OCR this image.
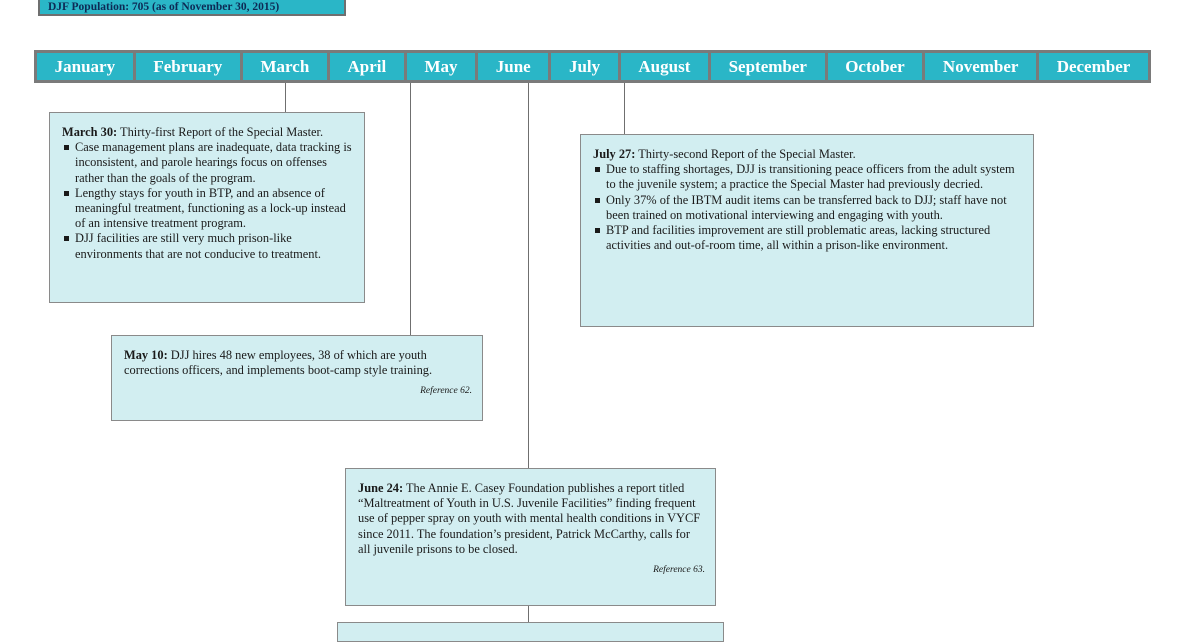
DJF Population: 705 (as of November 30, 2015)
January	February	March	April	May	June	July	August	September	October	November	December
March 30: Thirty-first Report of the Special Master.
Case management plans are inadequate, data tracking is inconsistent, and parole hearings focus on offenses rather than the goals of the program.
Lengthy stays for youth in BTP, and an absence of meaningful treatment, functioning as a lock-up instead of an intensive treatment program.
DJJ facilities are still very much prison-like environments that are not conducive to treatment.
May 10: DJJ hires 48 new employees, 38 of which are youth corrections officers, and implements boot-camp style training.
Reference 62.
June 24: The Annie E. Casey Foundation publishes a report titled “Maltreatment of Youth in U.S. Juvenile Facilities” finding frequent use of pepper spray on youth with mental health conditions in VYCF since 2011. The foundation’s president, Patrick McCarthy, calls for all juvenile prisons to be closed.
Reference 63.
July 27: Thirty-second Report of the Special Master.
Due to staffing shortages, DJJ is transitioning peace officers from the adult system to the juvenile system; a practice the Special Master had previously decried.
Only 37% of the IBTM audit items can be transferred back to DJJ; staff have not been trained on motivational interviewing and engaging with youth.
BTP and facilities improvement are still problematic areas, lacking structured activities and out-of-room time, all within a prison-like environment.
